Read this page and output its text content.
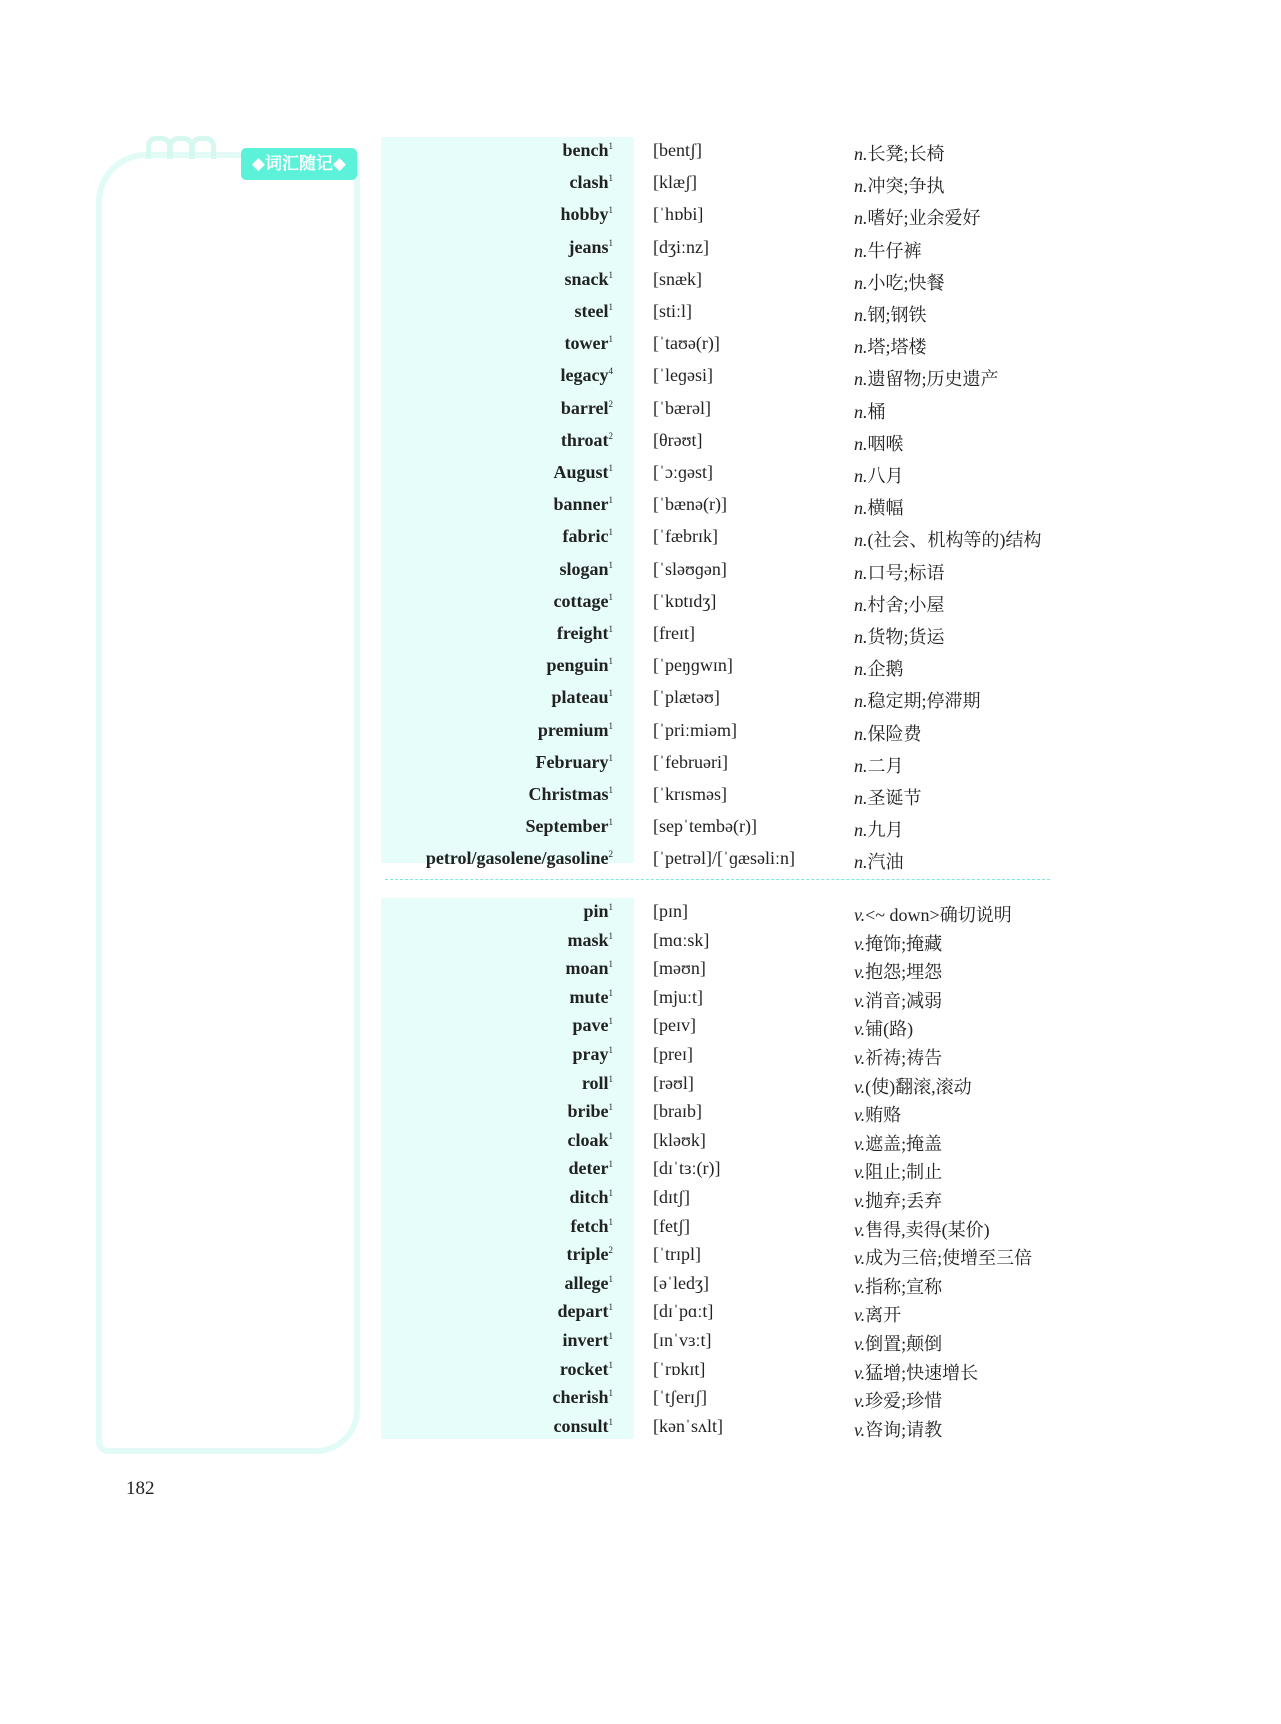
◆词汇随记◆
bench$^1$ [bentʃ]	n.长凳;长椅
clash$^1$ [klæʃ]	n.冲突;争执
hobby$^1$ [ˈhɒbi]	n.嗜好;业余爱好
jeans$^1$ [dʒiːnz]	n.牛仔裤
snack$^1$ [snæk]	n.小吃;快餐
steel$^1$ [stiːl]	n.钢;钢铁
tower$^1$ [ˈtaʊə(r)]	n.塔;塔楼
legacy$^4$ [ˈleɡəsi]	n.遗留物;历史遗产
barrel$^2$ [ˈbærəl]	n.桶
throat$^2$ [θrəʊt]	n.咽喉
August$^1$ [ˈɔːɡəst]	n.八月
banner$^1$ [ˈbænə(r)]	n.横幅
fabric$^1$ [ˈfæbrɪk]	n.(社会、机构等的)结构
slogan$^1$ [ˈsləʊɡən]	n.口号;标语
cottage$^1$ [ˈkɒtɪdʒ]	n.村舍;小屋
freight$^1$ [freɪt]	n.货物;货运
penguin$^1$ [ˈpeŋɡwɪn]	n.企鹅
plateau$^1$ [ˈplætəʊ]	n.稳定期;停滞期
premium$^1$ [ˈpriːmiəm]	n.保险费
February$^1$ [ˈfebruəri]	n.二月
Christmas$^1$ [ˈkrɪsməs]	n.圣诞节
September$^1$ [sepˈtembə(r)]	n.九月
petrol/gasolene/gasoline$^2$ [ˈpetrəl]/[ˈɡæsəliːn]	n.汽油
pin$^1$ [pɪn]	v.<~ down>确切说明
mask$^1$ [mɑːsk]	v.掩饰;掩藏
moan$^1$ [məʊn]	v.抱怨;埋怨
mute$^1$ [mjuːt]	v.消音;减弱
pave$^1$ [peɪv]	v.铺(路)
pray$^1$ [preɪ]	v.祈祷;祷告
roll$^1$ [rəʊl]	v.(使)翻滚,滚动
bribe$^1$ [braɪb]	v.贿赂
cloak$^1$ [kləʊk]	v.遮盖;掩盖
deter$^1$ [dɪˈtɜː(r)]	v.阻止;制止
ditch$^1$ [dɪtʃ]	v.抛弃;丢弃
fetch$^1$ [fetʃ]	v.售得,卖得(某价)
triple$^2$ [ˈtrɪpl]	v.成为三倍;使增至三倍
allege$^1$ [əˈledʒ]	v.指称;宣称
depart$^1$ [dɪˈpɑːt]	v.离开
invert$^1$ [ɪnˈvɜːt]	v.倒置;颠倒
rocket$^1$ [ˈrɒkɪt]	v.猛增;快速增长
cherish$^1$ [ˈtʃerɪʃ]	v.珍爱;珍惜
consult$^1$ [kənˈsʌlt]	v.咨询;请教
182
